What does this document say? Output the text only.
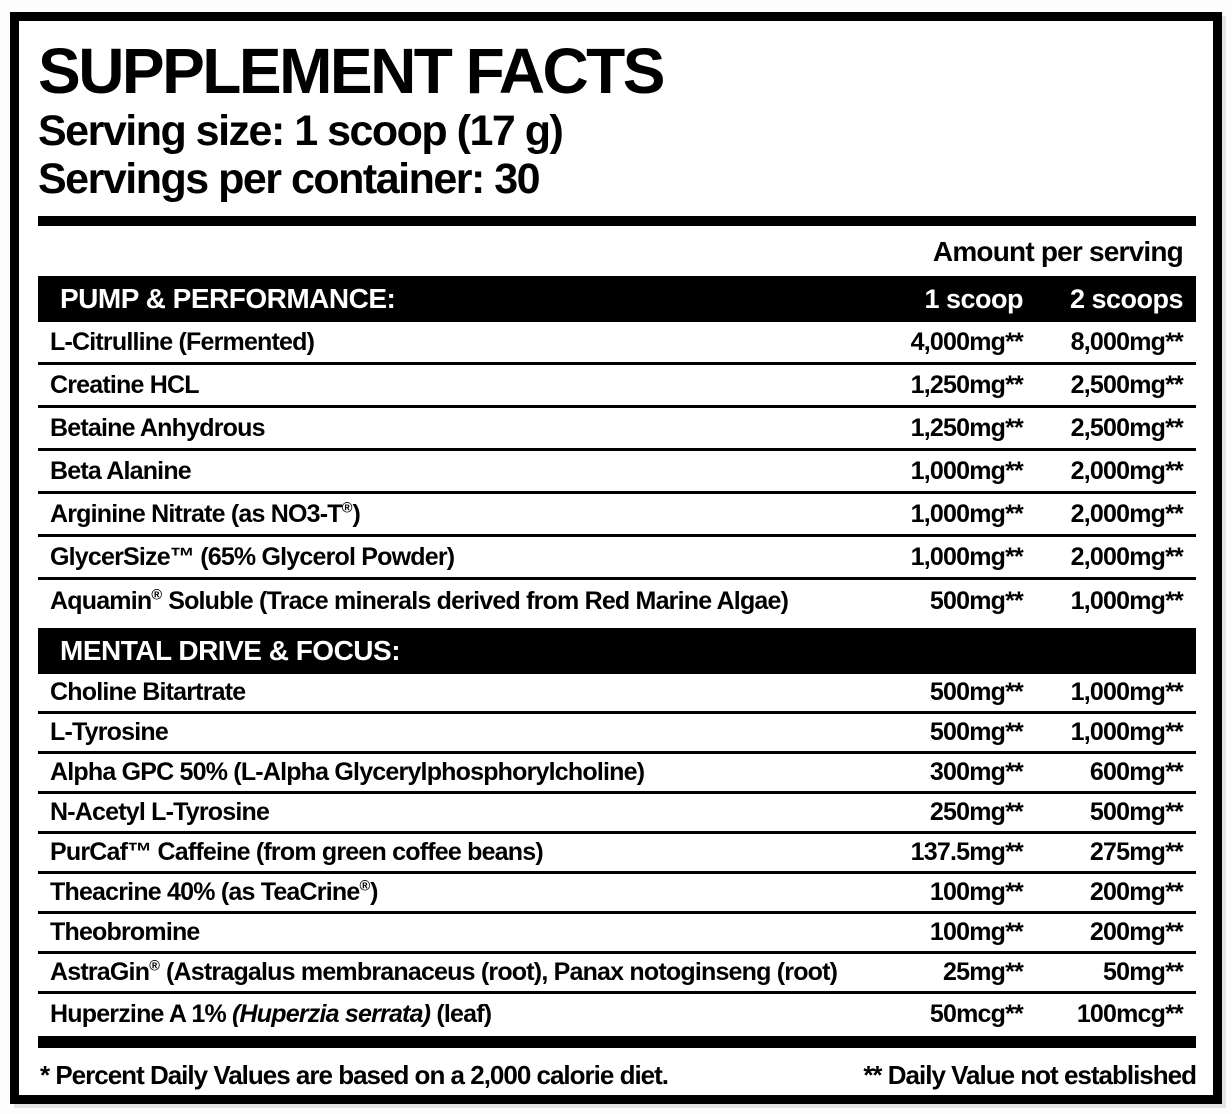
SUPPLEMENT FACTS
Serving size: 1 scoop (17 g)
Servings per container: 30
Amount per serving
PUMP & PERFORMANCE:	1 scoop	2 scoops
L-Citrulline (Fermented)	4,000mg**	8,000mg**
Creatine HCL	1,250mg**	2,500mg**
Betaine Anhydrous	1,250mg**	2,500mg**
Beta Alanine	1,000mg**	2,000mg**
Arginine Nitrate (as NO3-T®)	1,000mg**	2,000mg**
GlycerSize™ (65% Glycerol Powder)	1,000mg**	2,000mg**
Aquamin® Soluble (Trace minerals derived from Red Marine Algae)	500mg**	1,000mg**
MENTAL DRIVE & FOCUS:
Choline Bitartrate	500mg**	1,000mg**
L-Tyrosine	500mg**	1,000mg**
Alpha GPC 50% (L-Alpha Glycerylphosphorylcholine)	300mg**	600mg**
N-Acetyl L-Tyrosine	250mg**	500mg**
PurCaf™ Caffeine (from green coffee beans)	137.5mg**	275mg**
Theacrine 40% (as TeaCrine®)	100mg**	200mg**
Theobromine	100mg**	200mg**
AstraGin® (Astragalus membranaceus (root), Panax notoginseng (root)	25mg**	50mg**
Huperzine A 1% (Huperzia serrata) (leaf)	50mcg**	100mcg**
* Percent Daily Values are based on a 2,000 calorie diet.	** Daily Value not established
